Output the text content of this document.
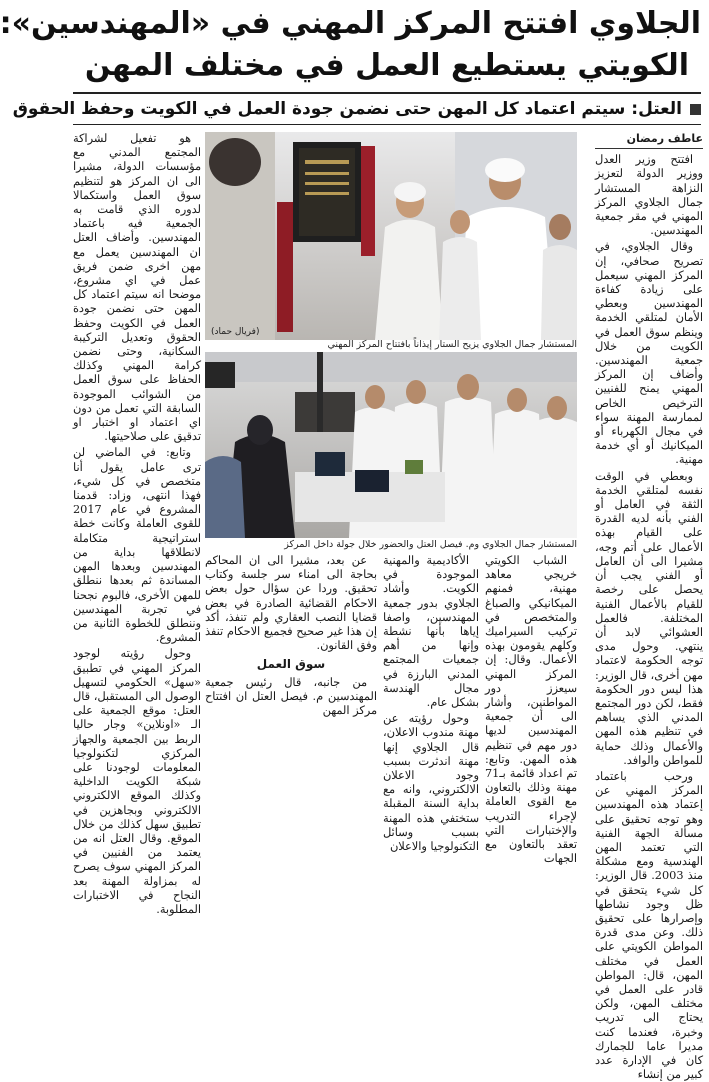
الجلاوي افتتح المركز المهني في «المهندسين»:
الكويتي يستطيع العمل في مختلف المهن
العتل: سيتم اعتماد كل المهن حتى نضمن جودة العمل في الكويت وحفظ الحقوق
عاطف رمضان

افتتح وزير العدل ووزير الدولة لتعزيز النزاهة المستشار جمال الجلاوي المركز المهني في مقر جمعية المهندسين.

وقال الجلاوي، في تصريح صحافي، إن المركز المهني سيعمل على زيادة كفاءة المهندسين وبعطي الأمان لمتلقي الخدمة وينظم سوق العمل في الكويت من خلال جمعية المهندسين. وأضاف إن المركز المهني يمنح للفنيين الترخيص الخاص لممارسة المهنة سواء في مجال الكهرباء أو الميكانيك أو أي خدمة مهنية.

وبعطي في الوقت نفسه لمتلقي الخدمة الثقة في العامل أو الفني بأنه لديه القدرة على القيام بهذه الأعمال على أتم وجه، مشيرا الى أن العامل أو الفني يجب أن يحصل على رخصة للقيام بالأعمال الفنية المختلفة. فالعمل العشوائي لابد أن ينتهي. وحول مدى توجه الحكومة لاعتماد مهن أخرى، قال الوزير: هذا ليس دور الحكومة فقط، لكن دور المجتمع المدني الذي يساهم في تنظيم هذه المهن والأعمال وذلك حماية للمواطن والوافد.

ورحب باعتماد المركز المهني عن إعتماد هذه المهندسين وهو توجه تحقيق على مسألة الجهة الفنية التي تعتمد المهن الهندسية ومع مشكلة منذ 2003. قال الوزير: كل شيء يتحقق في ظل وجود نشاطها وإصرارها على تحقيق ذلك. وعن مدى قدرة المواطن الكويتي على العمل في مختلف المهن، قال: المواطن قادر على العمل في مختلف المهن، ولكن يحتاج الى تدريب وخبرة، فعندما كنت مديرا عاما للجمارك كان في الإدارة عدد كبير من إنشاء

(فريال حماد)
المستشار جمال الجلاوي يزيح الستار إيذاناً بافتتاح المركز المهني

هو تفعيل لشراكة المجتمع المدني مع مؤسسات الدولة، مشيرا الى ان المركز هو لتنظيم سوق العمل واستكمالا لدوره الذي قامت به الجمعية فيه باعتماد المهندسين. وأضاف العتل ان المهندسين يعمل مع مهن اخرى ضمن فريق عمل في اي مشروع، موضحا انه سيتم اعتماد كل المهن حتى نضمن جودة العمل في الكويت وحفظ الحقوق وتعديل التركيبة السكانية، وحتى نضمن كرامة المهني وكذلك الحفاظ على سوق العمل من الشوائب الموجودة السابقة التي تعمل من دون اي اعتماد او اختبار او تدقيق على صلاحيتها.

وتابع: في الماضي لن ترى عامل يقول أنا متخصص في كل شيء، فهذا انتهى، وزاد: قدمنا المشروع في عام 2017 للقوى العاملة وكانت خطة استراتيجية متكاملة لانطلاقها بداية من المهندسين وبعدها المهن المساندة ثم بعدها ننطلق للمهن الأخرى، فالبوم نجحنا في تجربة المهندسين وننطلق للخطوة الثانية من المشروع.

وحول رؤيته لوجود المركز المهني في تطبيق «سهل» الحكومي لتسهيل الوصول الى المستقبل، قال العتل: موقع الجمعية على الـ «اونلاين» وجار حاليا الربط بين الجمعية والجهاز المركزي لتكنولوجيا المعلومات لوجودنا على شبكة الكويت الداخلية وكذلك الموقع الالكتروني الالكتروني وبجاهزين في تطبيق سهل كذلك من خلال الموقع. وقال العتل انه من يعتمد من الفنيين في المركز المهني سوف يصرح له بمزاولة المهنة بعد النجاح في الاختبارات المطلوبة.

المستشار جمال الجلاوي وم. فيصل العتل والحضور خلال جولة داخل المركز

الشباب الكويتي خريجي معاهد مهنية، فمنهم الميكانيكي والصباغ والمتخصص في تركيب السيراميك وكلهم يقومون بهذه الأعمال. وقال: إن المركز المهني سيعزز دور المواطنين، وأشار الى أن جمعية المهندسين لديها دور مهم في تنظيم هذه المهن. وتابع: تم اعداد قائمة بـ71 مهنة وذلك بالتعاون مع القوى العاملة لإجراء التدريب والإختبارات التي تعقد بالتعاون مع الجهات

الأكاديمية والمهنية الموجودة في الكويت. وأشاد الجلاوي بدور جمعية المهندسين، واصفا إياها بأنها نشطة وإنها من أهم جمعيات المجتمع المدني البارزة في مجال الهندسة بشكل عام.

وحول رؤيته عن مهنة مندوب الاعلان، قال الجلاوي إنها مهنة اندثرت بسبب وجود الاعلان الالكتروني، وانه مع بداية السنة المقبلة ستختفي هذه المهنة بسبب وسائل التكنولوجيا والاعلان

عن بعد، مشيرا الى ان المحاكم بحاجة الى امناء سر جلسة وكتاب تحقيق. وردا عن سؤال حول بعض الاحكام القضائية الصادرة في بعض قضايا النصب العقاري ولم تنفذ، أكد إن هذا غير صحيح فجميع الاحكام تنفذ وفق القانون.

سوق العمل

من جانبه، قال رئيس جمعية المهندسين م. فيصل العتل ان افتتاح مركز المهن
